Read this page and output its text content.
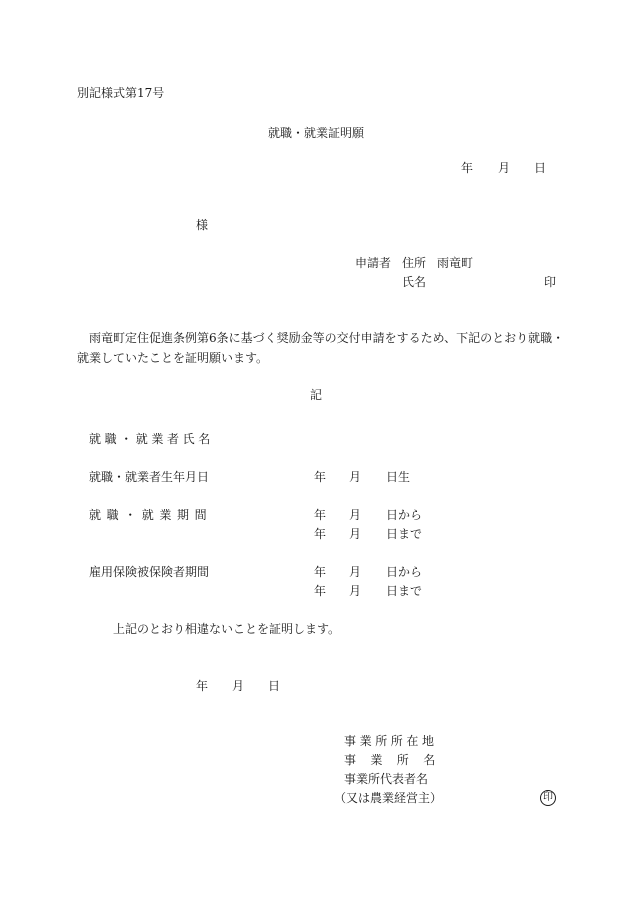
別記様式第17号
就職・就業証明願
年 月 日
様
申請者 住所 雨竜町
氏名	印
雨竜町定住促進条例第6条に基づく奨励金等の交付申請をするため、下記のとおり就職・
就業していたことを証明願います。
記
就職・就業者氏名
就職・就業者生年月日	年 月 日生
就職・就業期間	年 月 日から
年 月 日まで
雇用保険被保険者期間	年 月 日から
年 月 日まで
上記のとおり相違ないことを証明します。
年 月 日
事業所所在地
事業所名
事業所代表者名
（又は農業経営主）	印
